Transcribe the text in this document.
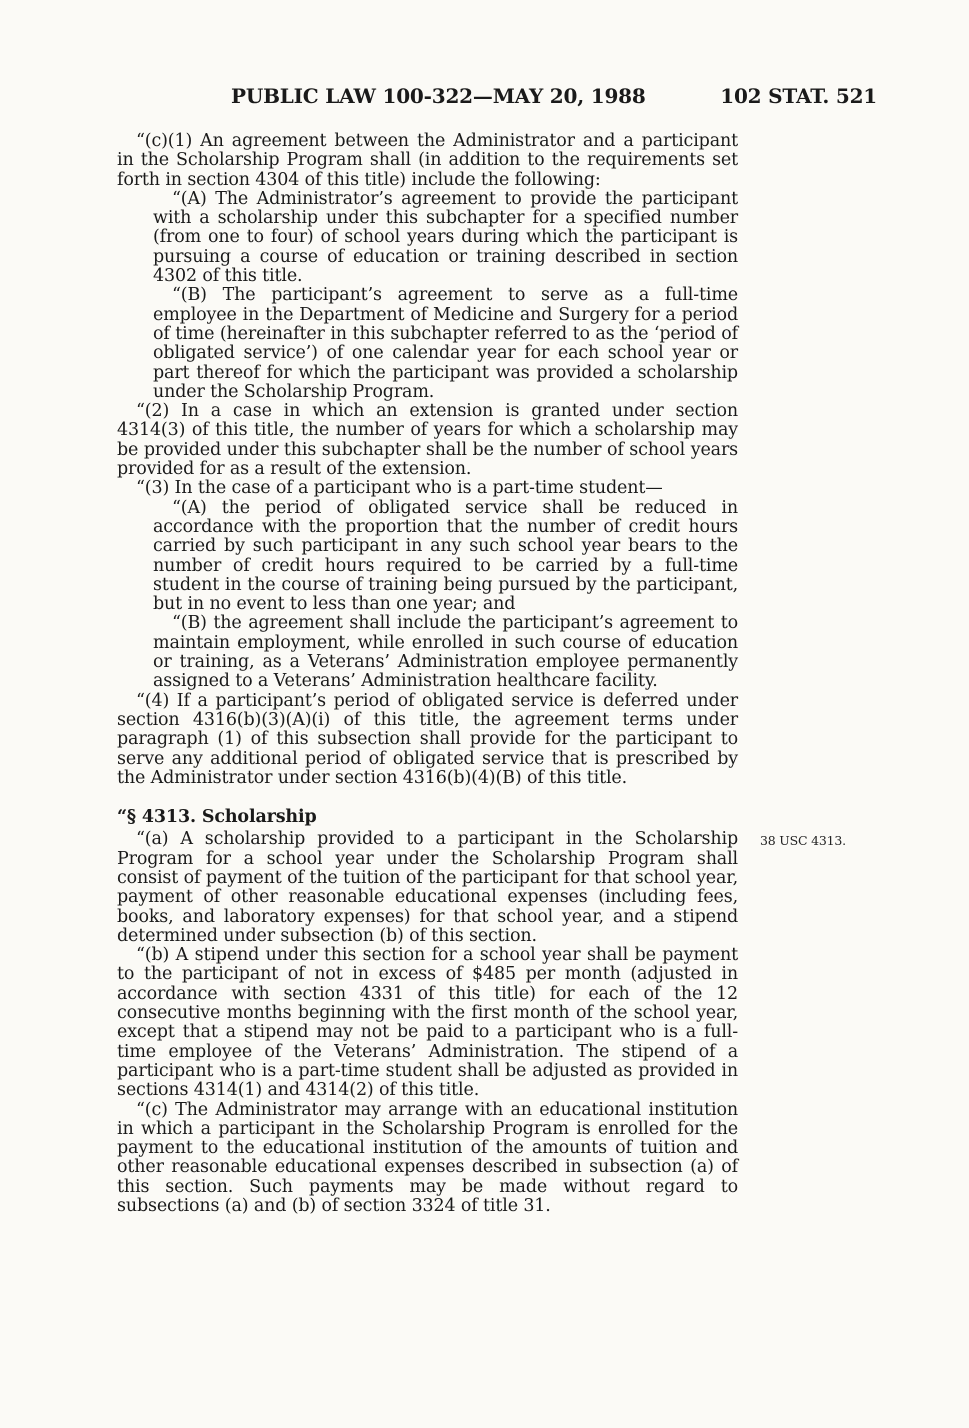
PUBLIC LAW 100-322—MAY 20, 1988	102 STAT. 521

“(c)(1) An agreement between the Administrator and a participant in the Scholarship Program shall (in addition to the requirements set forth in section 4304 of this title) include the following:

“(A) The Administrator’s agreement to provide the participant with a scholarship under this subchapter for a specified number (from one to four) of school years during which the participant is pursuing a course of education or training described in section 4302 of this title.

“(B) The participant’s agreement to serve as a full-time employee in the Department of Medicine and Surgery for a period of time (hereinafter in this subchapter referred to as the ‘period of obligated service’) of one calendar year for each school year or part thereof for which the participant was provided a scholarship under the Scholarship Program.

“(2) In a case in which an extension is granted under section 4314(3) of this title, the number of years for which a scholarship may be provided under this subchapter shall be the number of school years provided for as a result of the extension.

“(3) In the case of a participant who is a part-time student—

“(A) the period of obligated service shall be reduced in accordance with the proportion that the number of credit hours carried by such participant in any such school year bears to the number of credit hours required to be carried by a full-time student in the course of training being pursued by the participant, but in no event to less than one year; and

“(B) the agreement shall include the participant’s agreement to maintain employment, while enrolled in such course of education or training, as a Veterans’ Administration employee permanently assigned to a Veterans’ Administration healthcare facility.

“(4) If a participant’s period of obligated service is deferred under section 4316(b)(3)(A)(i) of this title, the agreement terms under paragraph (1) of this subsection shall provide for the participant to serve any additional period of obligated service that is prescribed by the Administrator under section 4316(b)(4)(B) of this title.

“§ 4313. Scholarship

“(a) A scholarship provided to a participant in the Scholarship Program for a school year under the Scholarship Program shall consist of payment of the tuition of the participant for that school year, payment of other reasonable educational expenses (including fees, books, and laboratory expenses) for that school year, and a stipend determined under subsection (b) of this section.

“(b) A stipend under this section for a school year shall be payment to the participant of not in excess of $485 per month (adjusted in accordance with section 4331 of this title) for each of the 12 consecutive months beginning with the first month of the school year, except that a stipend may not be paid to a participant who is a full-time employee of the Veterans’ Administration. The stipend of a participant who is a part-time student shall be adjusted as provided in sections 4314(1) and 4314(2) of this title.

“(c) The Administrator may arrange with an educational institution in which a participant in the Scholarship Program is enrolled for the payment to the educational institution of the amounts of tuition and other reasonable educational expenses described in subsection (a) of this section. Such payments may be made without regard to subsections (a) and (b) of section 3324 of title 31.

38 USC 4313.
